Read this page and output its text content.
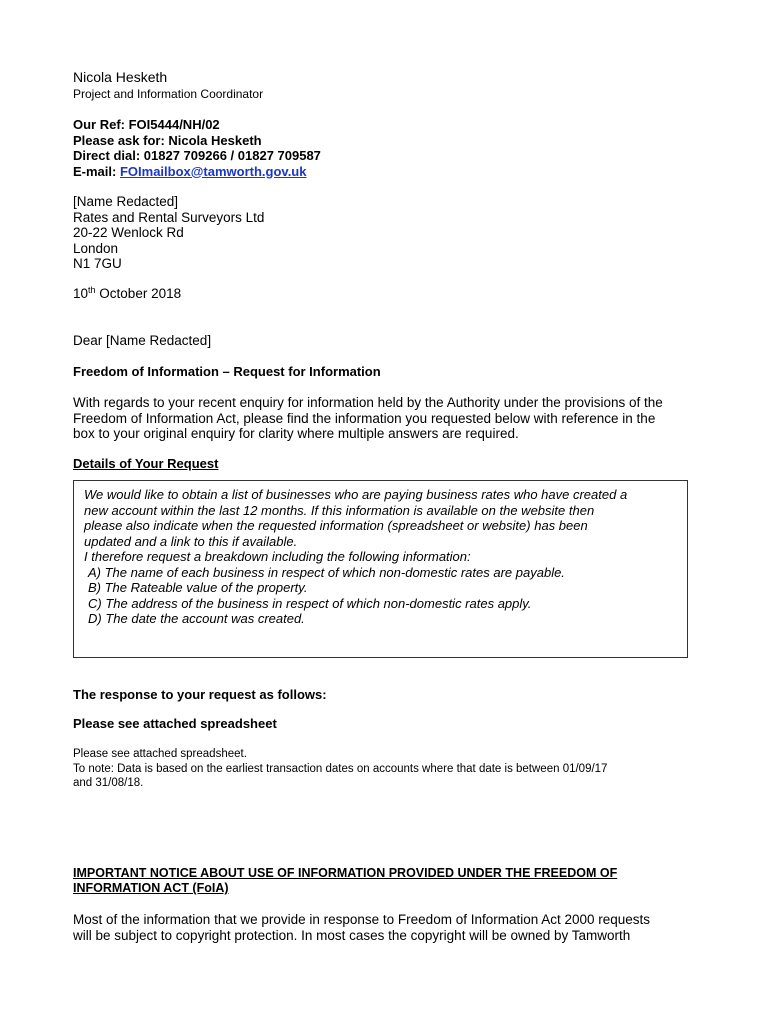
Nicola Hesketh
Project and Information Coordinator
Our Ref: FOI5444/NH/02
Please ask for: Nicola Hesketh
Direct dial: 01827 709266 / 01827 709587
E-mail: FOImailbox@tamworth.gov.uk
[Name Redacted]
Rates and Rental Surveyors Ltd
20-22 Wenlock Rd
London
N1 7GU
10th October 2018
Dear [Name Redacted]
Freedom of Information – Request for Information
With regards to your recent enquiry for information held by the Authority under the provisions of the
Freedom of Information Act, please find the information you requested below with reference in the
box to your original enquiry for clarity where multiple answers are required.
Details of Your Request
We would like to obtain a list of businesses who are paying business rates who have created a
new account within the last 12 months. If this information is available on the website then
please also indicate when the requested information (spreadsheet or website) has been
updated and a link to this if available.
I therefore request a breakdown including the following information:
A) The name of each business in respect of which non-domestic rates are payable.
B) The Rateable value of the property.
C) The address of the business in respect of which non-domestic rates apply.
D) The date the account was created.
The response to your request as follows:
Please see attached spreadsheet
Please see attached spreadsheet.
To note: Data is based on the earliest transaction dates on accounts where that date is between 01/09/17
and 31/08/18.
IMPORTANT NOTICE ABOUT USE OF INFORMATION PROVIDED UNDER THE FREEDOM OF
INFORMATION ACT (FoIA)
Most of the information that we provide in response to Freedom of Information Act 2000 requests
will be subject to copyright protection. In most cases the copyright will be owned by Tamworth
